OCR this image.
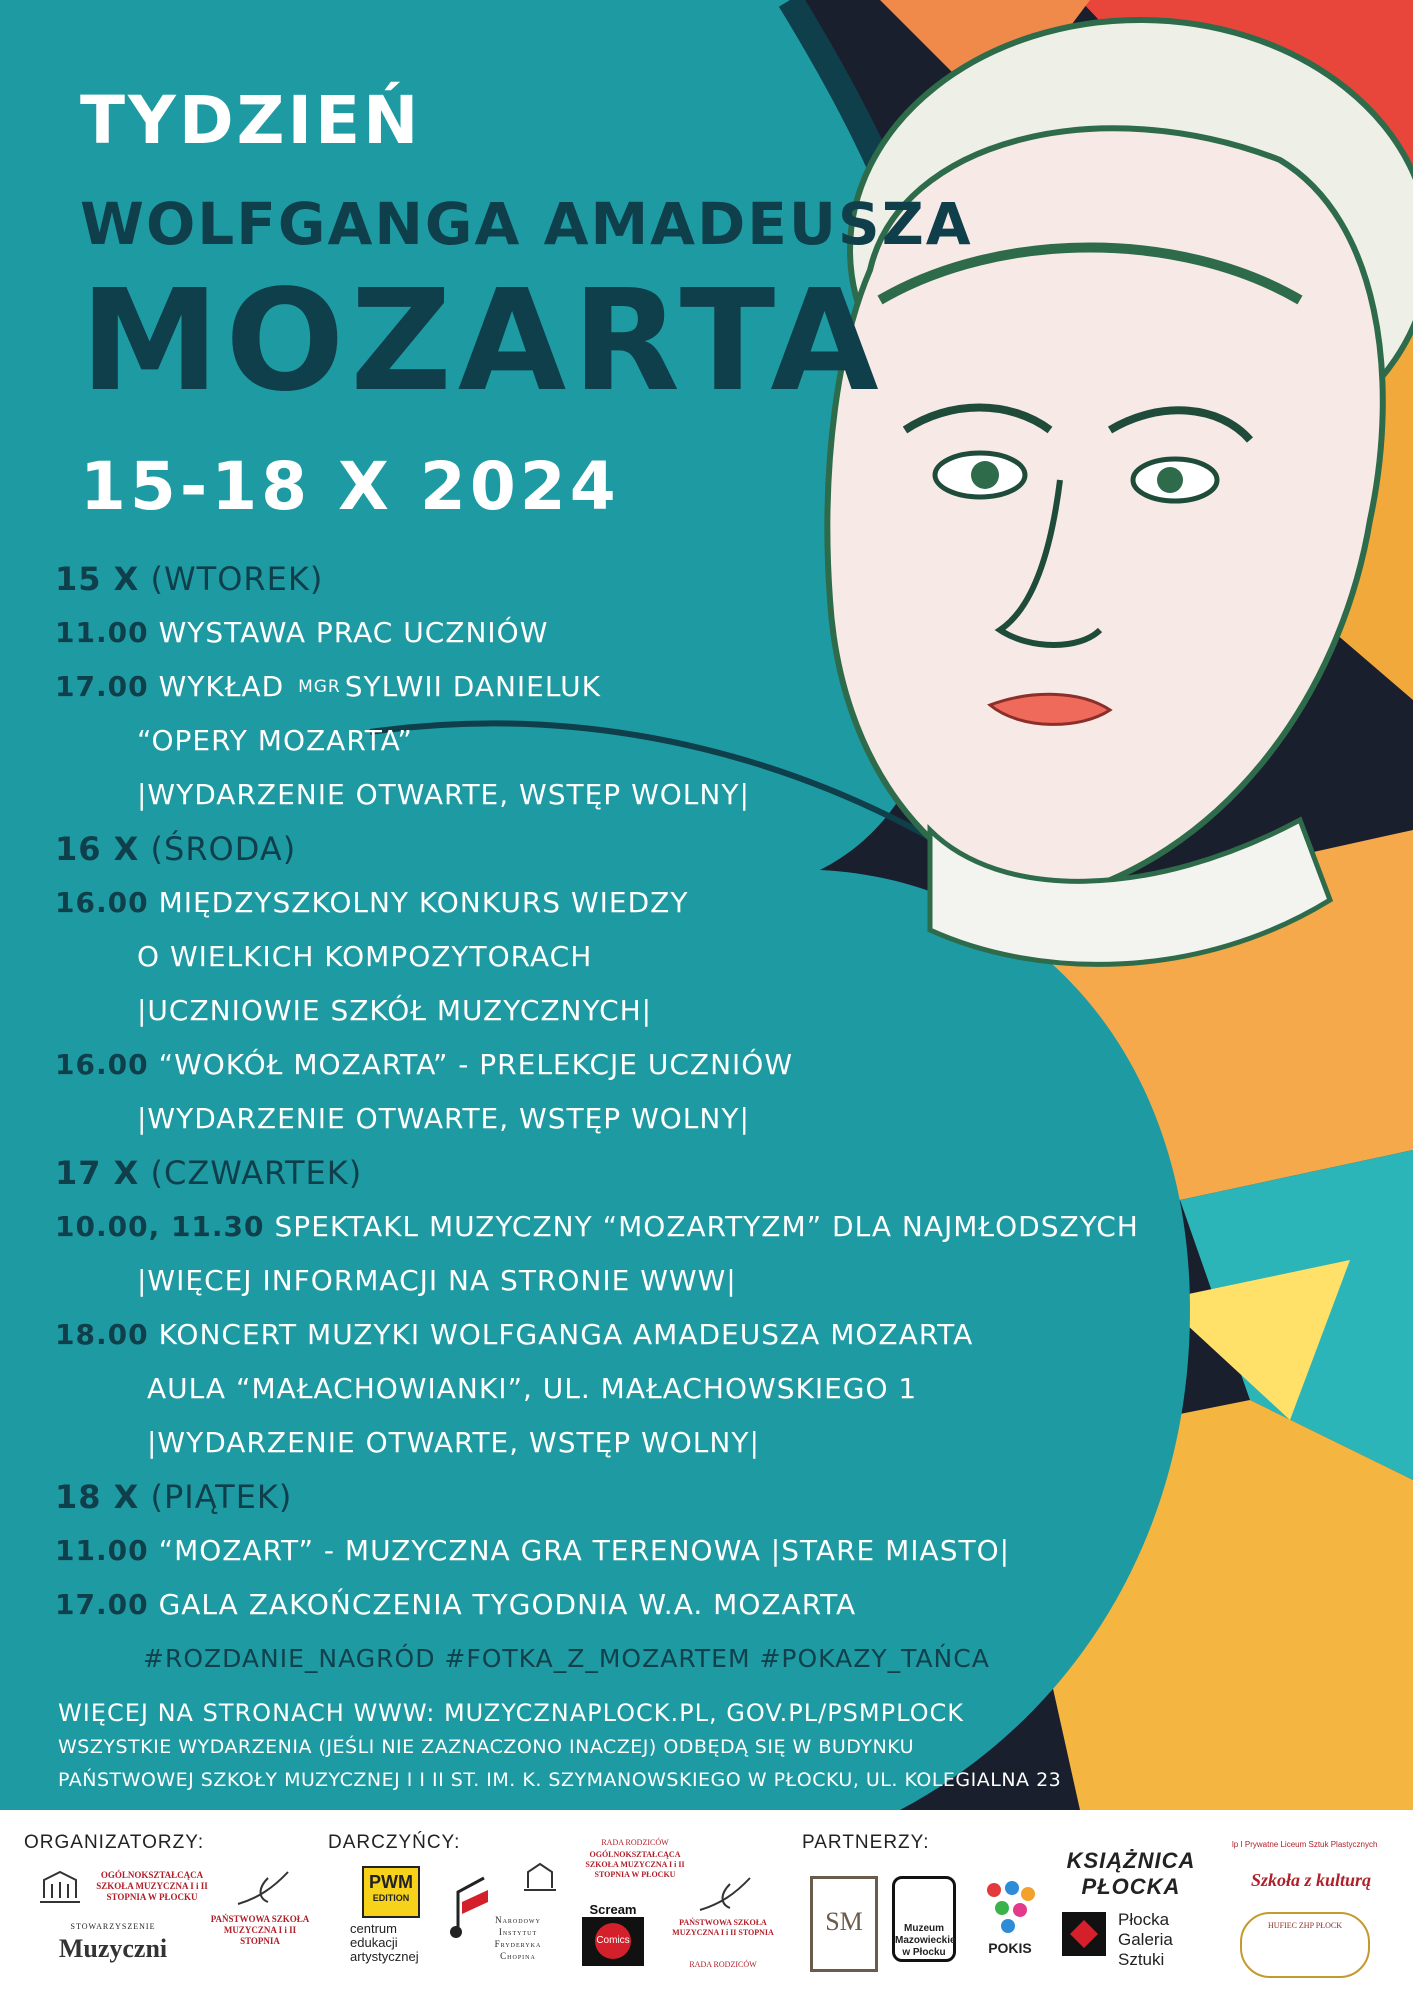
TYDZIEŃ
WOLFGANGA AMADEUSZA
MOZARTA
15-18 X 2024
15 X (WTOREK)
11.00 WYSTAWA PRAC UCZNIÓW
17.00 WYKŁAD MGR SYLWII DANIELUK
“OPERY MOZARTA”
|WYDARZENIE OTWARTE, WSTĘP WOLNY|
16 X (ŚRODA)
16.00 MIĘDZYSZKOLNY KONKURS WIEDZY
O WIELKICH KOMPOZYTORACH
|UCZNIOWIE SZKÓŁ MUZYCZNYCH|
16.00 “WOKÓŁ MOZARTA” - PRELEKCJE UCZNIÓW
|WYDARZENIE OTWARTE, WSTĘP WOLNY|
17 X (CZWARTEK)
10.00, 11.30 SPEKTAKL MUZYCZNY “MOZARTYZM” DLA NAJMŁODSZYCH
|WIĘCEJ INFORMACJI NA STRONIE WWW|
18.00 KONCERT MUZYKI WOLFGANGA AMADEUSZA MOZARTA
AULA “MAŁACHOWIANKI”, UL. MAŁACHOWSKIEGO 1
|WYDARZENIE OTWARTE, WSTĘP WOLNY|
18 X (PIĄTEK)
11.00 “MOZART” - MUZYCZNA GRA TERENOWA |STARE MIASTO|
17.00 GALA ZAKOŃCZENIA TYGODNIA W.A. MOZARTA
#ROZDANIE_NAGRÓD #FOTKA_Z_MOZARTEM #POKAZY_TAŃCA
WIĘCEJ NA STRONACH WWW: MUZYCZNAPLOCK.PL, GOV.PL/PSMPLOCK
WSZYSTKIE WYDARZENIA (JEŚLI NIE ZAZNACZONO INACZEJ) ODBĘDĄ SIĘ W BUDYNKU
PAŃSTWOWEJ SZKOŁY MUZYCZNEJ I I II ST. IM. K. SZYMANOWSKIEGO W PŁOCKU, UL. KOLEGIALNA 23
ORGANIZATORZY:	DARCZYŃCY:	PARTNERZY:
OGÓLNOKSZTAŁCĄCA SZKOŁA MUZYCZNA I i II STOPNIA W PŁOCKU
STOWARZYSZENIE
Muzyczni
PAŃSTWOWA SZKOŁA MUZYCZNA I i II STOPNIA
PWM
EDITION
centrum edukacji artystycznej
Narodowy Instytut Fryderyka Chopina
RADA RODZICÓW
OGÓLNOKSZTAŁCĄCA SZKOŁA MUZYCZNA I i II STOPNIA W PŁOCKU
Scream
Comics
PAŃSTWOWA SZKOŁA MUZYCZNA I i II STOPNIA
RADA RODZICÓW
SM	Muzeum Mazowieckie w Płocku	POKIS
KSIĄŻNICA PŁOCKA
Płocka Galeria Sztuki
lp I Prywatne Liceum Sztuk Plastycznych
Szkoła z kulturą
HUFIEC ZHP PŁOCK
